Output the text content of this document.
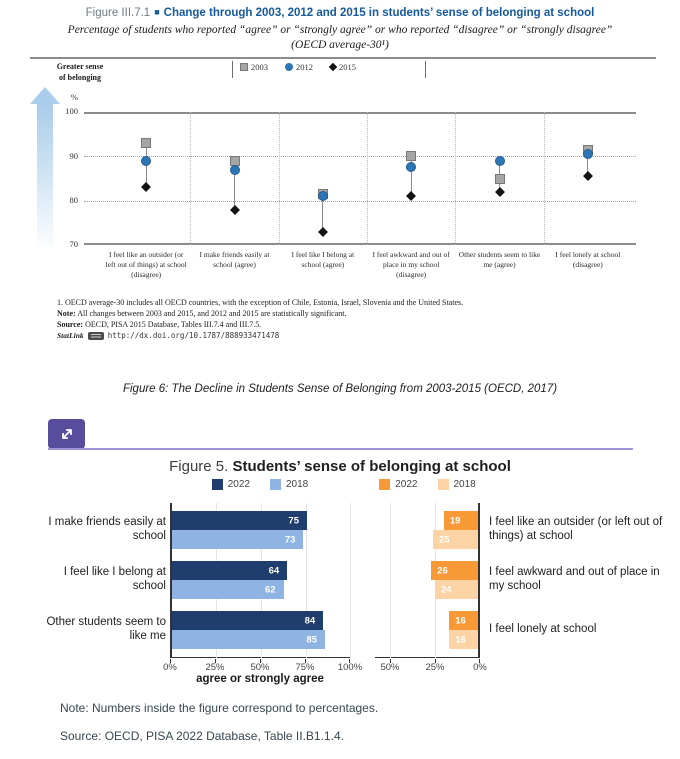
Figure III.7.1 ■ Change through 2003, 2012 and 2015 in students’ sense of belonging at school
Percentage of students who reported “agree” or “strongly agree” or who reported “disagree” or “strongly disagree”
(OECD average-30¹)
Greater sense
of belonging
2003	2012	2015
%
100
90
80
70
I feel like an outsider (or left out of things) at school (disagree)
I make friends easily at school (agree)
I feel like I belong at school (agree)
I feel awkward and out of place in my school (disagree)
Other students seem to like me (agree)
I feel lonely at school (disagree)
1. OECD average-30 includes all OECD countries, with the exception of Chile, Estonia, Israel, Slovenia and the United States.
Note: All changes between 2003 and 2015, and 2012 and 2015 are statistically significant.
Source: OECD, PISA 2015 Database, Tables III.7.4 and III.7.5.
StatLink	http://dx.doi.org/10.1787/888933471478
Figure 6: The Decline in Students Sense of Belonging from 2003-2015 (OECD, 2017)
Figure 5. Students’ sense of belonging at school
2022	2018	2022	2018
75
73
64
62
84
85
19
25
26
24
16
16
I make friends easily at school
I feel like I belong at school
Other students seem to like me
I feel like an outsider (or left out of things) at school
I feel awkward and out of place in my school
I feel lonely at school
0%	25%	50%	75%	100%	50%	25%	0%
agree or strongly agree
Note: Numbers inside the figure correspond to percentages.
Source: OECD, PISA 2022 Database, Table II.B1.1.4.
